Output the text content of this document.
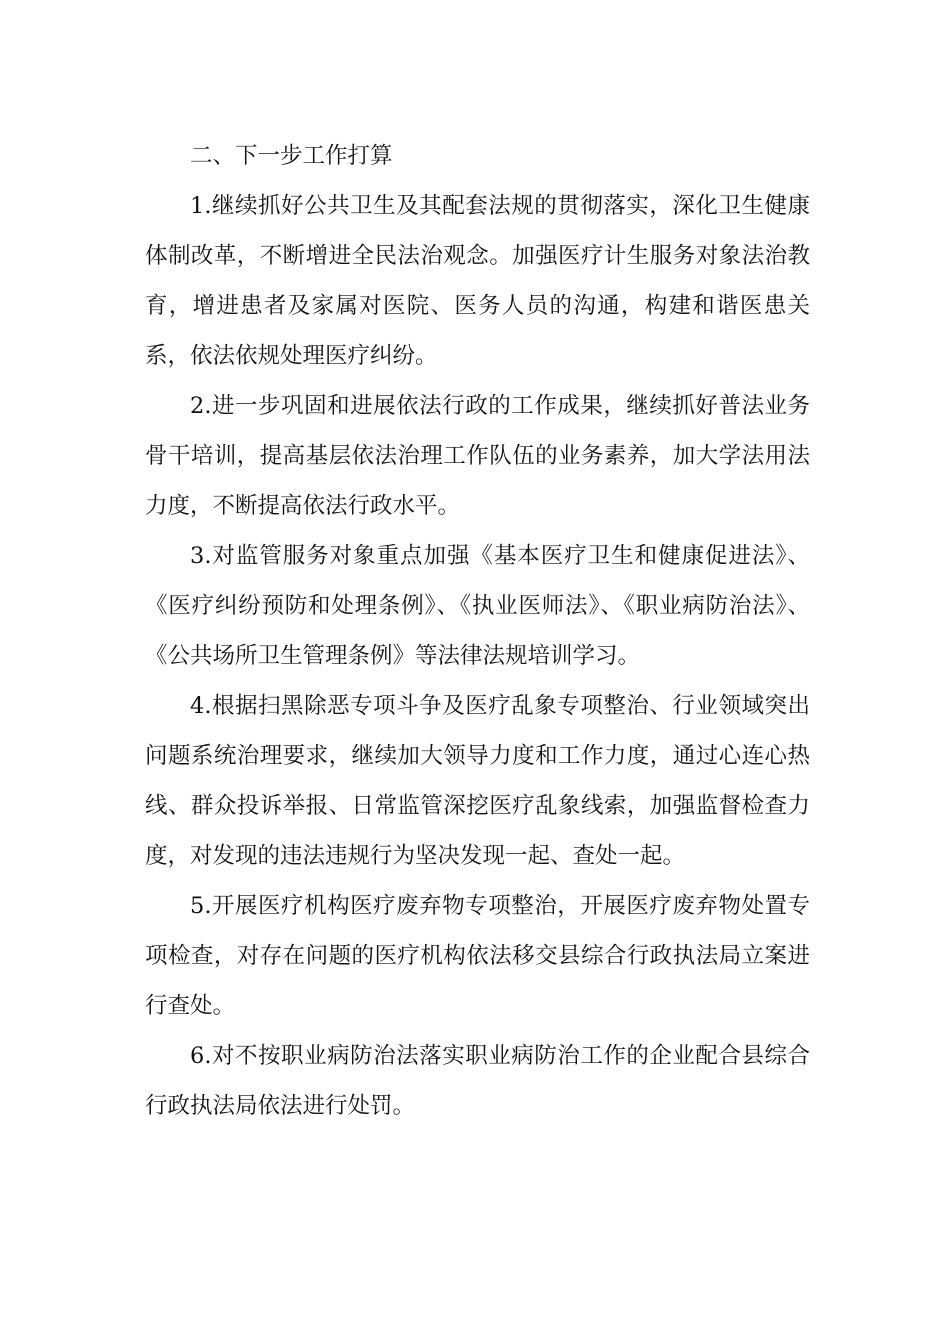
二、下一步工作打算

1.继续抓好公共卫生及其配套法规的贯彻落实，深化卫生健康体制改革，不断增进全民法治观念。加强医疗计生服务对象法治教育，增进患者及家属对医院、医务人员的沟通，构建和谐医患关系，依法依规处理医疗纠纷。

2.进一步巩固和进展依法行政的工作成果，继续抓好普法业务骨干培训，提高基层依法治理工作队伍的业务素养，加大学法用法力度，不断提高依法行政水平。

3.对监管服务对象重点加强《基本医疗卫生和健康促进法》、《医疗纠纷预防和处理条例》、《执业医师法》、《职业病防治法》、《公共场所卫生管理条例》等法律法规培训学习。

4.根据扫黑除恶专项斗争及医疗乱象专项整治、行业领域突出问题系统治理要求，继续加大领导力度和工作力度，通过心连心热线、群众投诉举报、日常监管深挖医疗乱象线索，加强监督检查力度，对发现的违法违规行为坚决发现一起、查处一起。

5.开展医疗机构医疗废弃物专项整治，开展医疗废弃物处置专项检查，对存在问题的医疗机构依法移交县综合行政执法局立案进行查处。

6.对不按职业病防治法落实职业病防治工作的企业配合县综合行政执法局依法进行处罚。
